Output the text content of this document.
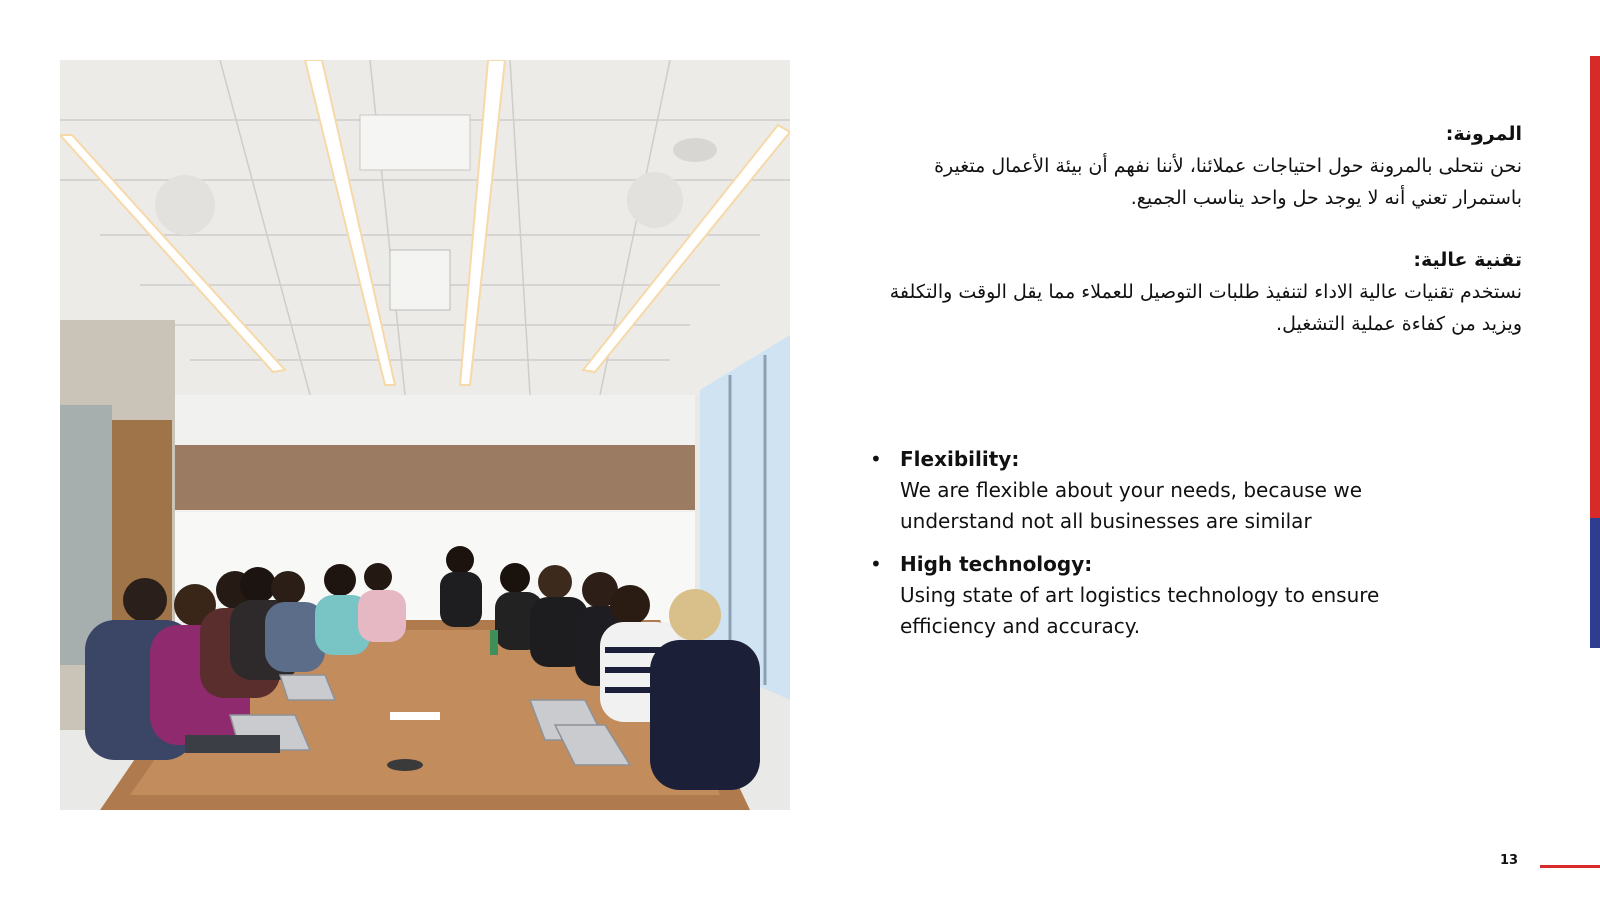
المرونة:
نحن نتحلى بالمرونة حول احتياجات عملائنا، لأننا نفهم أن بيئة الأعمال متغيرة باستمرار تعني أنه لا يوجد حل واحد يناسب الجميع.
تقنية عالية:
نستخدم تقنيات عالية الاداء لتنفيذ طلبات التوصيل للعملاء مما يقل الوقت والتكلفة ويزيد من كفاءة عملية التشغيل.
• Flexibility:
We are flexible about your needs, because we understand not all businesses are similar
• High technology:
Using state of art logistics technology to ensure efficiency and accuracy.
13
